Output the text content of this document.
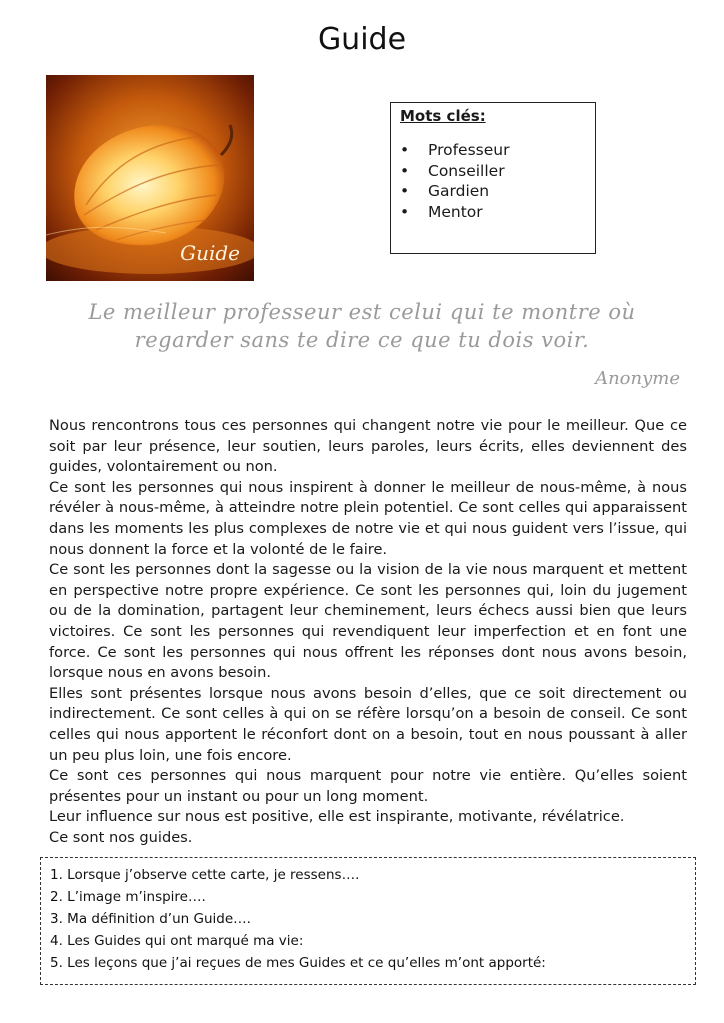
Guide
Guide
Mots clés:
• Professeur
• Conseiller
• Gardien
• Mentor
Le meilleur professeur est celui qui te montre où
regarder sans te dire ce que tu dois voir.
Anonyme

Nous rencontrons tous ces personnes qui changent notre vie pour le meilleur. Que ce soit par leur présence, leur soutien, leurs paroles, leurs écrits, elles deviennent des guides, volontairement ou non.

Ce sont les personnes qui nous inspirent à donner le meilleur de nous-même, à nous révéler à nous-même, à atteindre notre plein potentiel. Ce sont celles qui apparaissent dans les moments les plus complexes de notre vie et qui nous guident vers l’issue, qui nous donnent la force et la volonté de le faire.

Ce sont les personnes dont la sagesse ou la vision de la vie nous marquent et mettent en perspective notre propre expérience. Ce sont les personnes qui, loin du jugement ou de la domination, partagent leur cheminement, leurs échecs aussi bien que leurs victoires. Ce sont les personnes qui revendiquent leur imperfection et en font une force. Ce sont les personnes qui nous offrent les réponses dont nous avons besoin, lorsque nous en avons besoin.

Elles sont présentes lorsque nous avons besoin d’elles, que ce soit directement ou indirectement. Ce sont celles à qui on se réfère lorsqu’on a besoin de conseil. Ce sont celles qui nous apportent le réconfort dont on a besoin, tout en nous poussant à aller un peu plus loin, une fois encore.

Ce sont ces personnes qui nous marquent pour notre vie entière. Qu’elles soient présentes pour un instant ou pour un long moment.

Leur influence sur nous est positive, elle est inspirante, motivante, révélatrice.

Ce sont nos guides.

1. Lorsque j’observe cette carte, je ressens….
2. L’image m’inspire….
3. Ma définition d’un Guide….
4. Les Guides qui ont marqué ma vie:
5. Les leçons que j’ai reçues de mes Guides et ce qu’elles m’ont apporté:
